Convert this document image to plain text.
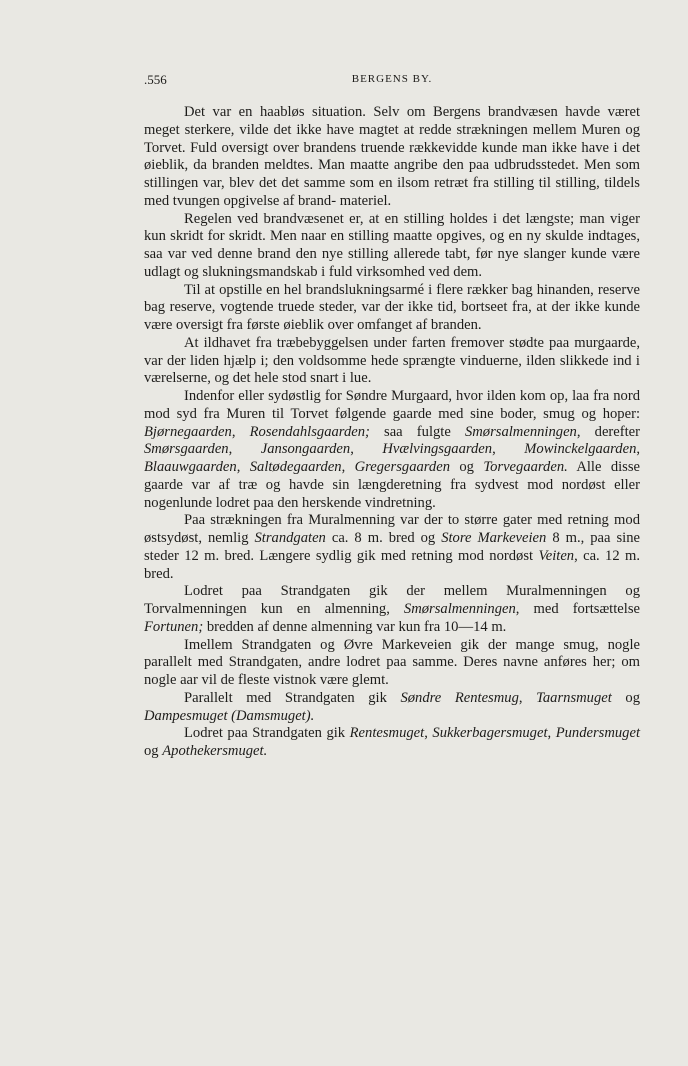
.556	BERGENS BY.

Det var en haabløs situation. Selv om Bergens brandvæsen havde været meget sterkere, vilde det ikke have magtet at redde strækningen mellem Muren og Torvet. Fuld oversigt over brandens truende rækkevidde kunde man ikke have i det øieblik, da branden meldtes. Man maatte angribe den paa udbrudsstedet. Men som stillingen var, blev det det samme som en ilsom retræt fra stilling til stilling, tildels med tvungen opgivelse af brand- materiel.

Regelen ved brandvæsenet er, at en stilling holdes i det længste; man viger kun skridt for skridt. Men naar en stilling maatte opgives, og en ny skulde indtages, saa var ved denne brand den nye stilling allerede tabt, før nye slanger kunde være udlagt og slukningsmandskab i fuld virksomhed ved dem.

Til at opstille en hel brandslukningsarmé i flere rækker bag hinanden, reserve bag reserve, vogtende truede steder, var der ikke tid, bortseet fra, at der ikke kunde være oversigt fra første øieblik over omfanget af branden.

At ildhavet fra træbebyggelsen under farten fremover stødte paa murgaarde, var der liden hjælp i; den voldsomme hede sprængte vinduerne, ilden slikkede ind i værelserne, og det hele stod snart i lue.

Indenfor eller sydøstlig for Søndre Murgaard, hvor ilden kom op, laa fra nord mod syd fra Muren til Torvet følgende gaarde med sine boder, smug og hoper: Bjørnegaarden, Rosendahlsgaarden; saa fulgte Smørsalmenningen, derefter Smørsgaarden, Jansongaarden, Hvælvingsgaarden, Mowinckelgaarden, Blaauwgaarden, Saltødegaarden, Gregersgaarden og Torvegaarden. Alle disse gaarde var af træ og havde sin længderetning fra sydvest mod nordøst eller nogenlunde lodret paa den herskende vindretning.

Paa strækningen fra Muralmenning var der to større gater med retning mod østsydøst, nemlig Strandgaten ca. 8 m. bred og Store Markeveien 8 m., paa sine steder 12 m. bred. Længere sydlig gik med retning mod nordøst Veiten, ca. 12 m. bred.

Lodret paa Strandgaten gik der mellem Muralmenningen og Torvalmenningen kun en almenning, Smørsalmenningen, med fortsættelse Fortunen; bredden af denne almenning var kun fra 10—14 m.

Imellem Strandgaten og Øvre Markeveien gik der mange smug, nogle parallelt med Strandgaten, andre lodret paa samme. Deres navne anføres her; om nogle aar vil de fleste vistnok være glemt.

Parallelt med Strandgaten gik Søndre Rentesmug, Taarnsmuget og Dampesmuget (Damsmuget).

Lodret paa Strandgaten gik Rentesmuget, Sukkerbagersmuget, Pundersmuget og Apothekersmuget.
